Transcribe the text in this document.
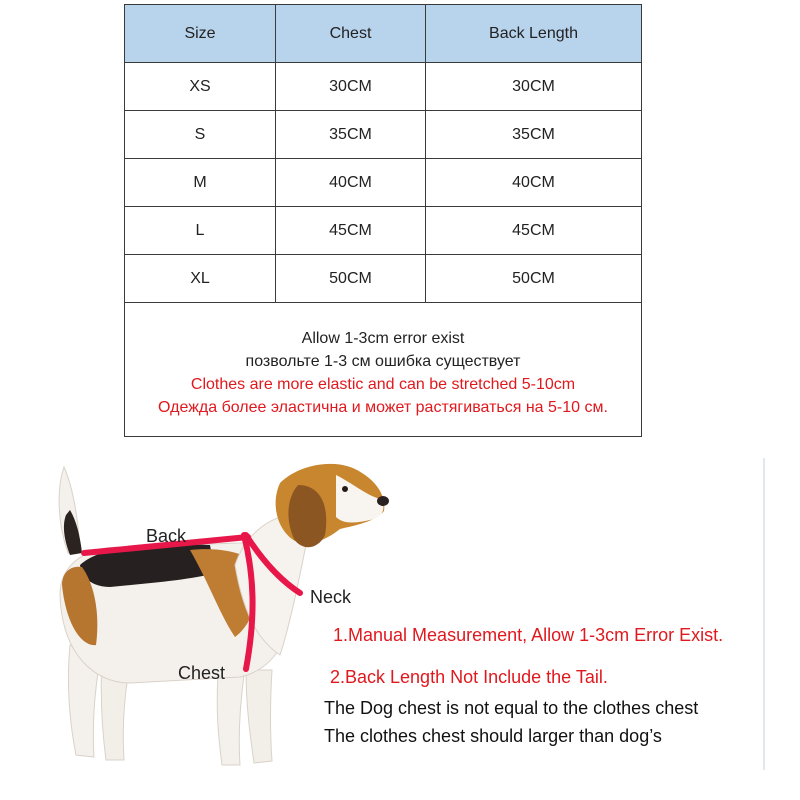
Size	Chest	Back Length
XS	30CM	30CM
S	35CM	35CM
M	40CM	40CM
L	45CM	45CM
XL	50CM	50CM

Allow 1-3cm error exist
позвольте 1-3 см ошибка существует
Clothes are more elastic and can be stretched 5-10cm
Одежда более эластична и может растягиваться на 5-10 см.		
Back
Neck
Chest
1.Manual Measurement, Allow 1-3cm Error Exist.
2.Back Length Not Include the Tail.
The Dog chest is not equal to the clothes chest
The clothes chest should larger than dog’s
